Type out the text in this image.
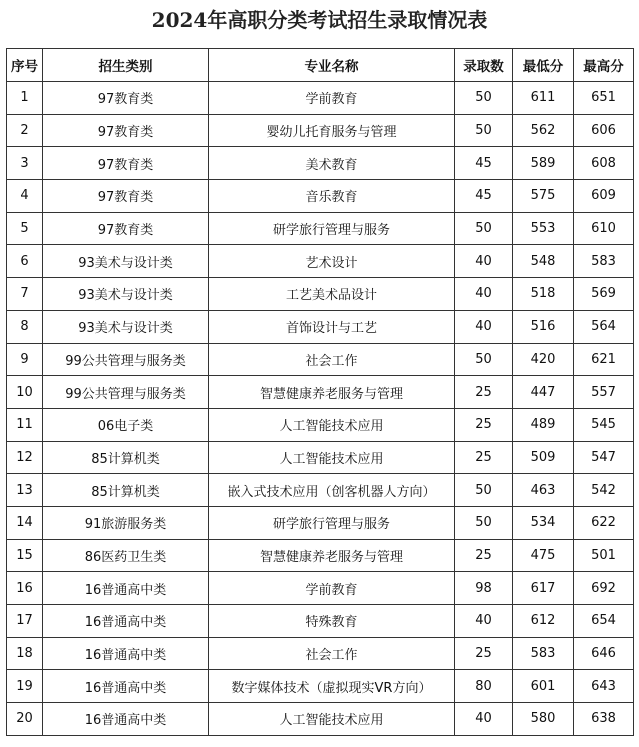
2024年高职分类考试招生录取情况表
序号	招生类别	专业名称	录取数	最低分	最高分
1	97教育类	学前教育	50	611	651
2	97教育类	婴幼儿托育服务与管理	50	562	606
3	97教育类	美术教育	45	589	608
4	97教育类	音乐教育	45	575	609
5	97教育类	研学旅行管理与服务	50	553	610
6	93美术与设计类	艺术设计	40	548	583
7	93美术与设计类	工艺美术品设计	40	518	569
8	93美术与设计类	首饰设计与工艺	40	516	564
9	99公共管理与服务类	社会工作	50	420	621
10	99公共管理与服务类	智慧健康养老服务与管理	25	447	557
11	06电子类	人工智能技术应用	25	489	545
12	85计算机类	人工智能技术应用	25	509	547
13	85计算机类	嵌入式技术应用（创客机器人方向）	50	463	542
14	91旅游服务类	研学旅行管理与服务	50	534	622
15	86医药卫生类	智慧健康养老服务与管理	25	475	501
16	16普通高中类	学前教育	98	617	692
17	16普通高中类	特殊教育	40	612	654
18	16普通高中类	社会工作	25	583	646
19	16普通高中类	数字媒体技术（虚拟现实VR方向）	80	601	643
20	16普通高中类	人工智能技术应用	40	580	638
